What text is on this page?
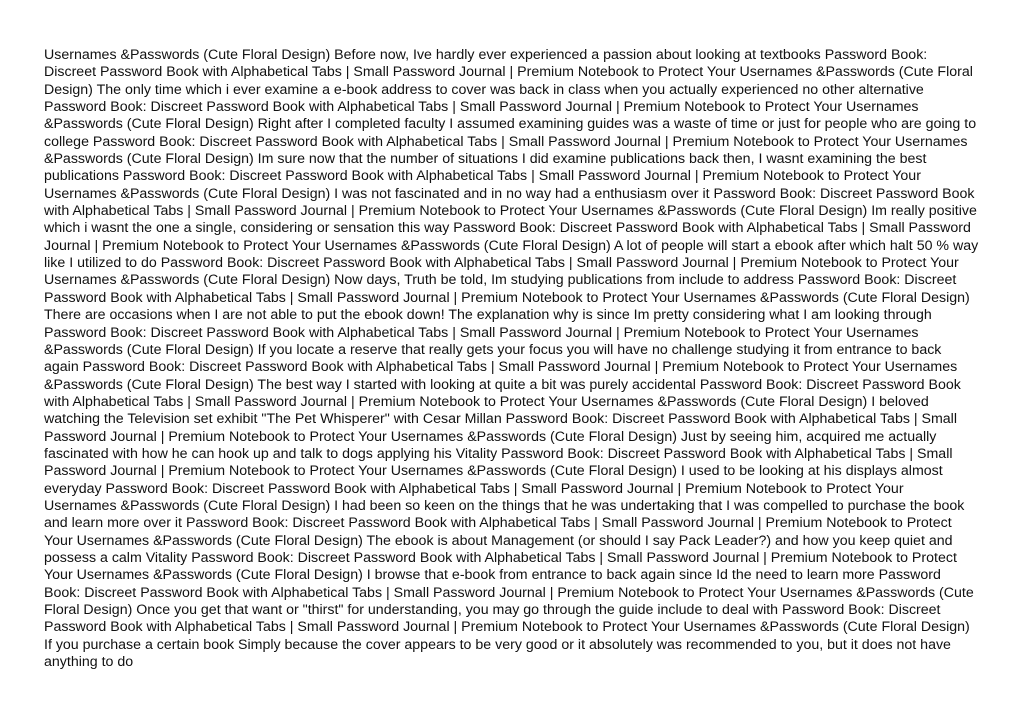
Usernames &Passwords (Cute Floral Design) Before now, Ive hardly ever experienced a passion about looking at textbooks Password Book: Discreet Password Book with Alphabetical Tabs | Small Password Journal | Premium Notebook to Protect Your Usernames &Passwords (Cute Floral Design) The only time which i ever examine a e-book address to cover was back in class when you actually experienced no other alternative Password Book: Discreet Password Book with Alphabetical Tabs | Small Password Journal | Premium Notebook to Protect Your Usernames &Passwords (Cute Floral Design) Right after I completed faculty I assumed examining guides was a waste of time or just for people who are going to college Password Book: Discreet Password Book with Alphabetical Tabs | Small Password Journal | Premium Notebook to Protect Your Usernames &Passwords (Cute Floral Design) Im sure now that the number of situations I did examine publications back then, I wasnt examining the best publications Password Book: Discreet Password Book with Alphabetical Tabs | Small Password Journal | Premium Notebook to Protect Your Usernames &Passwords (Cute Floral Design) I was not fascinated and in no way had a enthusiasm over it Password Book: Discreet Password Book with Alphabetical Tabs | Small Password Journal | Premium Notebook to Protect Your Usernames &Passwords (Cute Floral Design) Im really positive which i wasnt the one a single, considering or sensation this way Password Book: Discreet Password Book with Alphabetical Tabs | Small Password Journal | Premium Notebook to Protect Your Usernames &Passwords (Cute Floral Design) A lot of people will start a ebook after which halt 50 % way like I utilized to do Password Book: Discreet Password Book with Alphabetical Tabs | Small Password Journal | Premium Notebook to Protect Your Usernames &Passwords (Cute Floral Design) Now days, Truth be told, Im studying publications from include to address Password Book: Discreet Password Book with Alphabetical Tabs | Small Password Journal | Premium Notebook to Protect Your Usernames &Passwords (Cute Floral Design) There are occasions when I are not able to put the ebook down! The explanation why is since Im pretty considering what I am looking through Password Book: Discreet Password Book with Alphabetical Tabs | Small Password Journal | Premium Notebook to Protect Your Usernames &Passwords (Cute Floral Design) If you locate a reserve that really gets your focus you will have no challenge studying it from entrance to back again Password Book: Discreet Password Book with Alphabetical Tabs | Small Password Journal | Premium Notebook to Protect Your Usernames &Passwords (Cute Floral Design) The best way I started with looking at quite a bit was purely accidental Password Book: Discreet Password Book with Alphabetical Tabs | Small Password Journal | Premium Notebook to Protect Your Usernames &Passwords (Cute Floral Design) I beloved watching the Television set exhibit "The Pet Whisperer" with Cesar Millan Password Book: Discreet Password Book with Alphabetical Tabs | Small Password Journal | Premium Notebook to Protect Your Usernames &Passwords (Cute Floral Design) Just by seeing him, acquired me actually fascinated with how he can hook up and talk to dogs applying his Vitality Password Book: Discreet Password Book with Alphabetical Tabs | Small Password Journal | Premium Notebook to Protect Your Usernames &Passwords (Cute Floral Design) I used to be looking at his displays almost everyday Password Book: Discreet Password Book with Alphabetical Tabs | Small Password Journal | Premium Notebook to Protect Your Usernames &Passwords (Cute Floral Design) I had been so keen on the things that he was undertaking that I was compelled to purchase the book and learn more over it Password Book: Discreet Password Book with Alphabetical Tabs | Small Password Journal | Premium Notebook to Protect Your Usernames &Passwords (Cute Floral Design) The ebook is about Management (or should I say Pack Leader?) and how you keep quiet and possess a calm Vitality Password Book: Discreet Password Book with Alphabetical Tabs | Small Password Journal | Premium Notebook to Protect Your Usernames &Passwords (Cute Floral Design) I browse that e-book from entrance to back again since Id the need to learn more Password Book: Discreet Password Book with Alphabetical Tabs | Small Password Journal | Premium Notebook to Protect Your Usernames &Passwords (Cute Floral Design) Once you get that want or "thirst" for understanding, you may go through the guide include to deal with Password Book: Discreet Password Book with Alphabetical Tabs | Small Password Journal | Premium Notebook to Protect Your Usernames &Passwords (Cute Floral Design) If you purchase a certain book Simply because the cover appears to be very good or it absolutely was recommended to you, but it does not have anything to do
